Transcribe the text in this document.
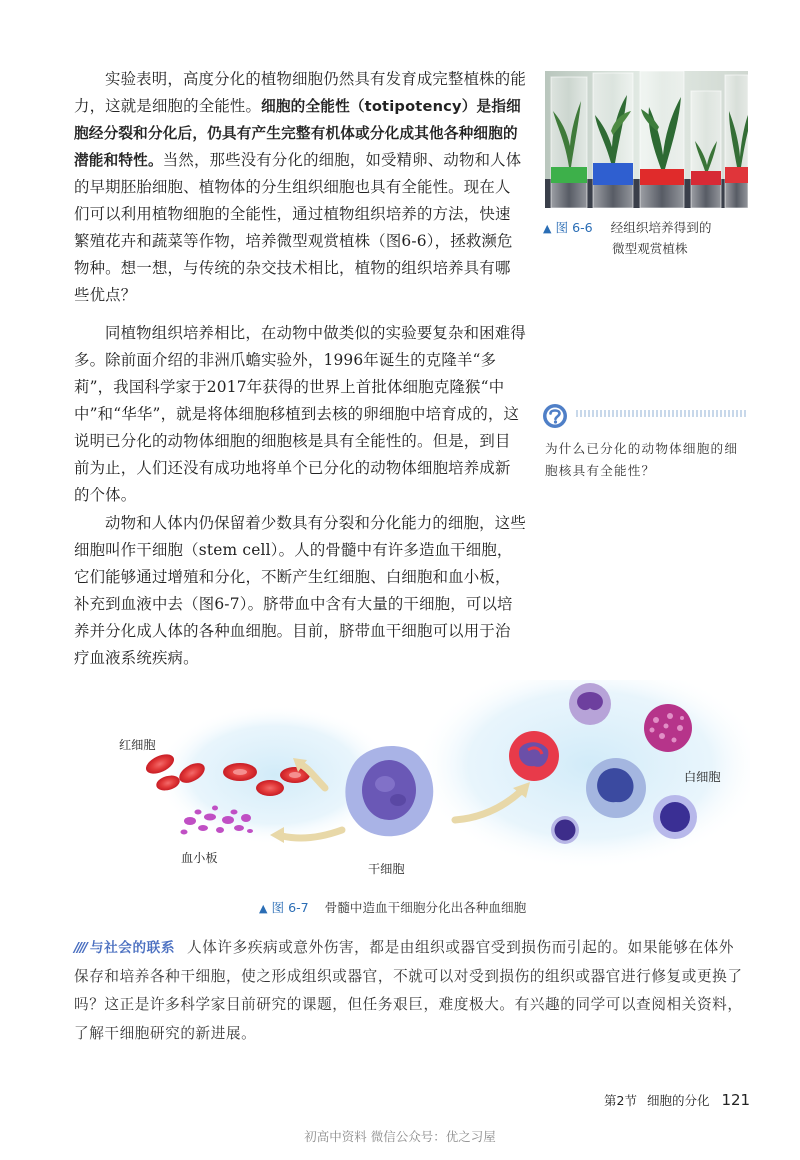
实验表明，高度分化的植物细胞仍然具有发育成完整植株的能力，这就是细胞的全能性。细胞的全能性（totipotency）是指细胞经分裂和分化后，仍具有产生完整有机体或分化成其他各种细胞的潜能和特性。当然，那些没有分化的细胞，如受精卵、动物和人体的早期胚胎细胞、植物体的分生组织细胞也具有全能性。现在人们可以利用植物细胞的全能性，通过植物组织培养的方法，快速繁殖花卉和蔬菜等作物，培养微型观赏植株（图6-6），拯救濒危物种。想一想，与传统的杂交技术相比，植物的组织培养具有哪些优点？

同植物组织培养相比，在动物中做类似的实验要复杂和困难得多。除前面介绍的非洲爪蟾实验外，1996年诞生的克隆羊“多莉”，我国科学家于2017年获得的世界上首批体细胞克隆猴“中中”和“华华”，就是将体细胞移植到去核的卵细胞中培育成的，这说明已分化的动物体细胞的细胞核是具有全能性的。但是，到目前为止，人们还没有成功地将单个已分化的动物体细胞培养成新的个体。

动物和人体内仍保留着少数具有分裂和分化能力的细胞，这些细胞叫作干细胞（stem cell）。人的骨髓中有许多造血干细胞，它们能够通过增殖和分化，不断产生红细胞、白细胞和血小板，补充到血液中去（图6-7）。脐带血中含有大量的干细胞，可以培养并分化成人体的各种血细胞。目前，脐带血干细胞可以用于治疗血液系统疾病。

▲ 图 6-6 经组织培养得到的
微型观赏植株
为什么已分化的动物体细胞的细胞核具有全能性？
红细胞
血小板
干细胞
白细胞
▲ 图 6-7 骨髓中造血干细胞分化出各种血细胞

//// 与社会的联系 人体许多疾病或意外伤害，都是由组织或器官受到损伤而引起的。如果能够在体外保存和培养各种干细胞，使之形成组织或器官，不就可以对受到损伤的组织或器官进行修复或更换了吗？这正是许多科学家目前研究的课题，但任务艰巨，难度极大。有兴趣的同学可以查阅相关资料，了解干细胞研究的新进展。

第2节 细胞的分化 121
初高中资料 微信公众号：优之习屋
